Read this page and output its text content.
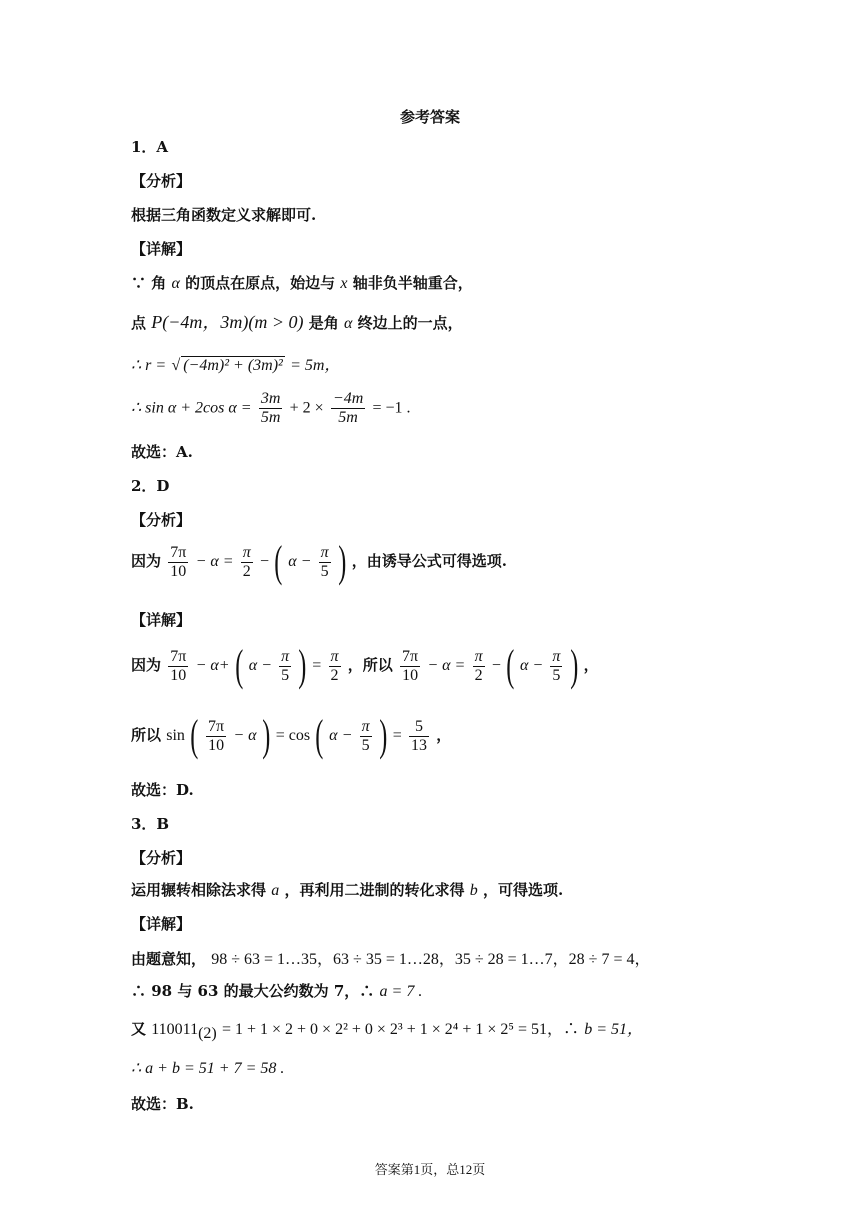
参考答案
1．A
【分析】
根据三角函数定义求解即可.
【详解】
∵ 角 α 的顶点在原点，始边与 x 轴非负半轴重合，
点 P(−4m，3m)(m > 0) 是角 α 终边上的一点，
∴ r = √ (−4m)² + (3m)² = 5m，
∴ sin α + 2cos $\alpha = \frac{3m}{5m} + 2 \times \frac{-4m}{5m} = -1$ .
故选：A.
2．D
【分析】
因为 $\frac{7\pi}{10} - \alpha = \frac{\pi}{2}$ − ( $\alpha - \frac{\pi}{5}$ ) ，由诱导公式可得选项.
【详解】
因为 $\frac{7\pi}{10} - \alpha+$ ( $\alpha - \frac{\pi}{5}$ ) = $\frac{\pi}{2}$ ，所以 $\frac{7\pi}{10} - \alpha = \frac{\pi}{2}$ − ( $\alpha - \frac{\pi}{5}$ ) ，
所以 sin ( $\frac{7\pi}{10} - \alpha$ ) = cos ( $\alpha - \frac{\pi}{5}$ ) = $\frac{5}{13}$ ，
故选：D.
3．B
【分析】
运用辗转相除法求得 a ，再利用二进制的转化求得 b ，可得选项.
【详解】
由题意知， 98 ÷ 63 = 1…35，63 ÷ 35 = 1…28，35 ÷ 28 = 1…7，28 ÷ 7 = 4，
∴ 98 与 63 的最大公约数为 7，∴ a = 7 .
又 $110011_{(2)} = 1 + 1 \times 2 + 0 \times 2^2 + 0 \times 2^3 + 1 \times 2^4 + 1 \times 2^5 = 51$，∴ b = 51，
∴ a + b = 51 + 7 = 58 .
故选：B.
答案第1页，总12页
